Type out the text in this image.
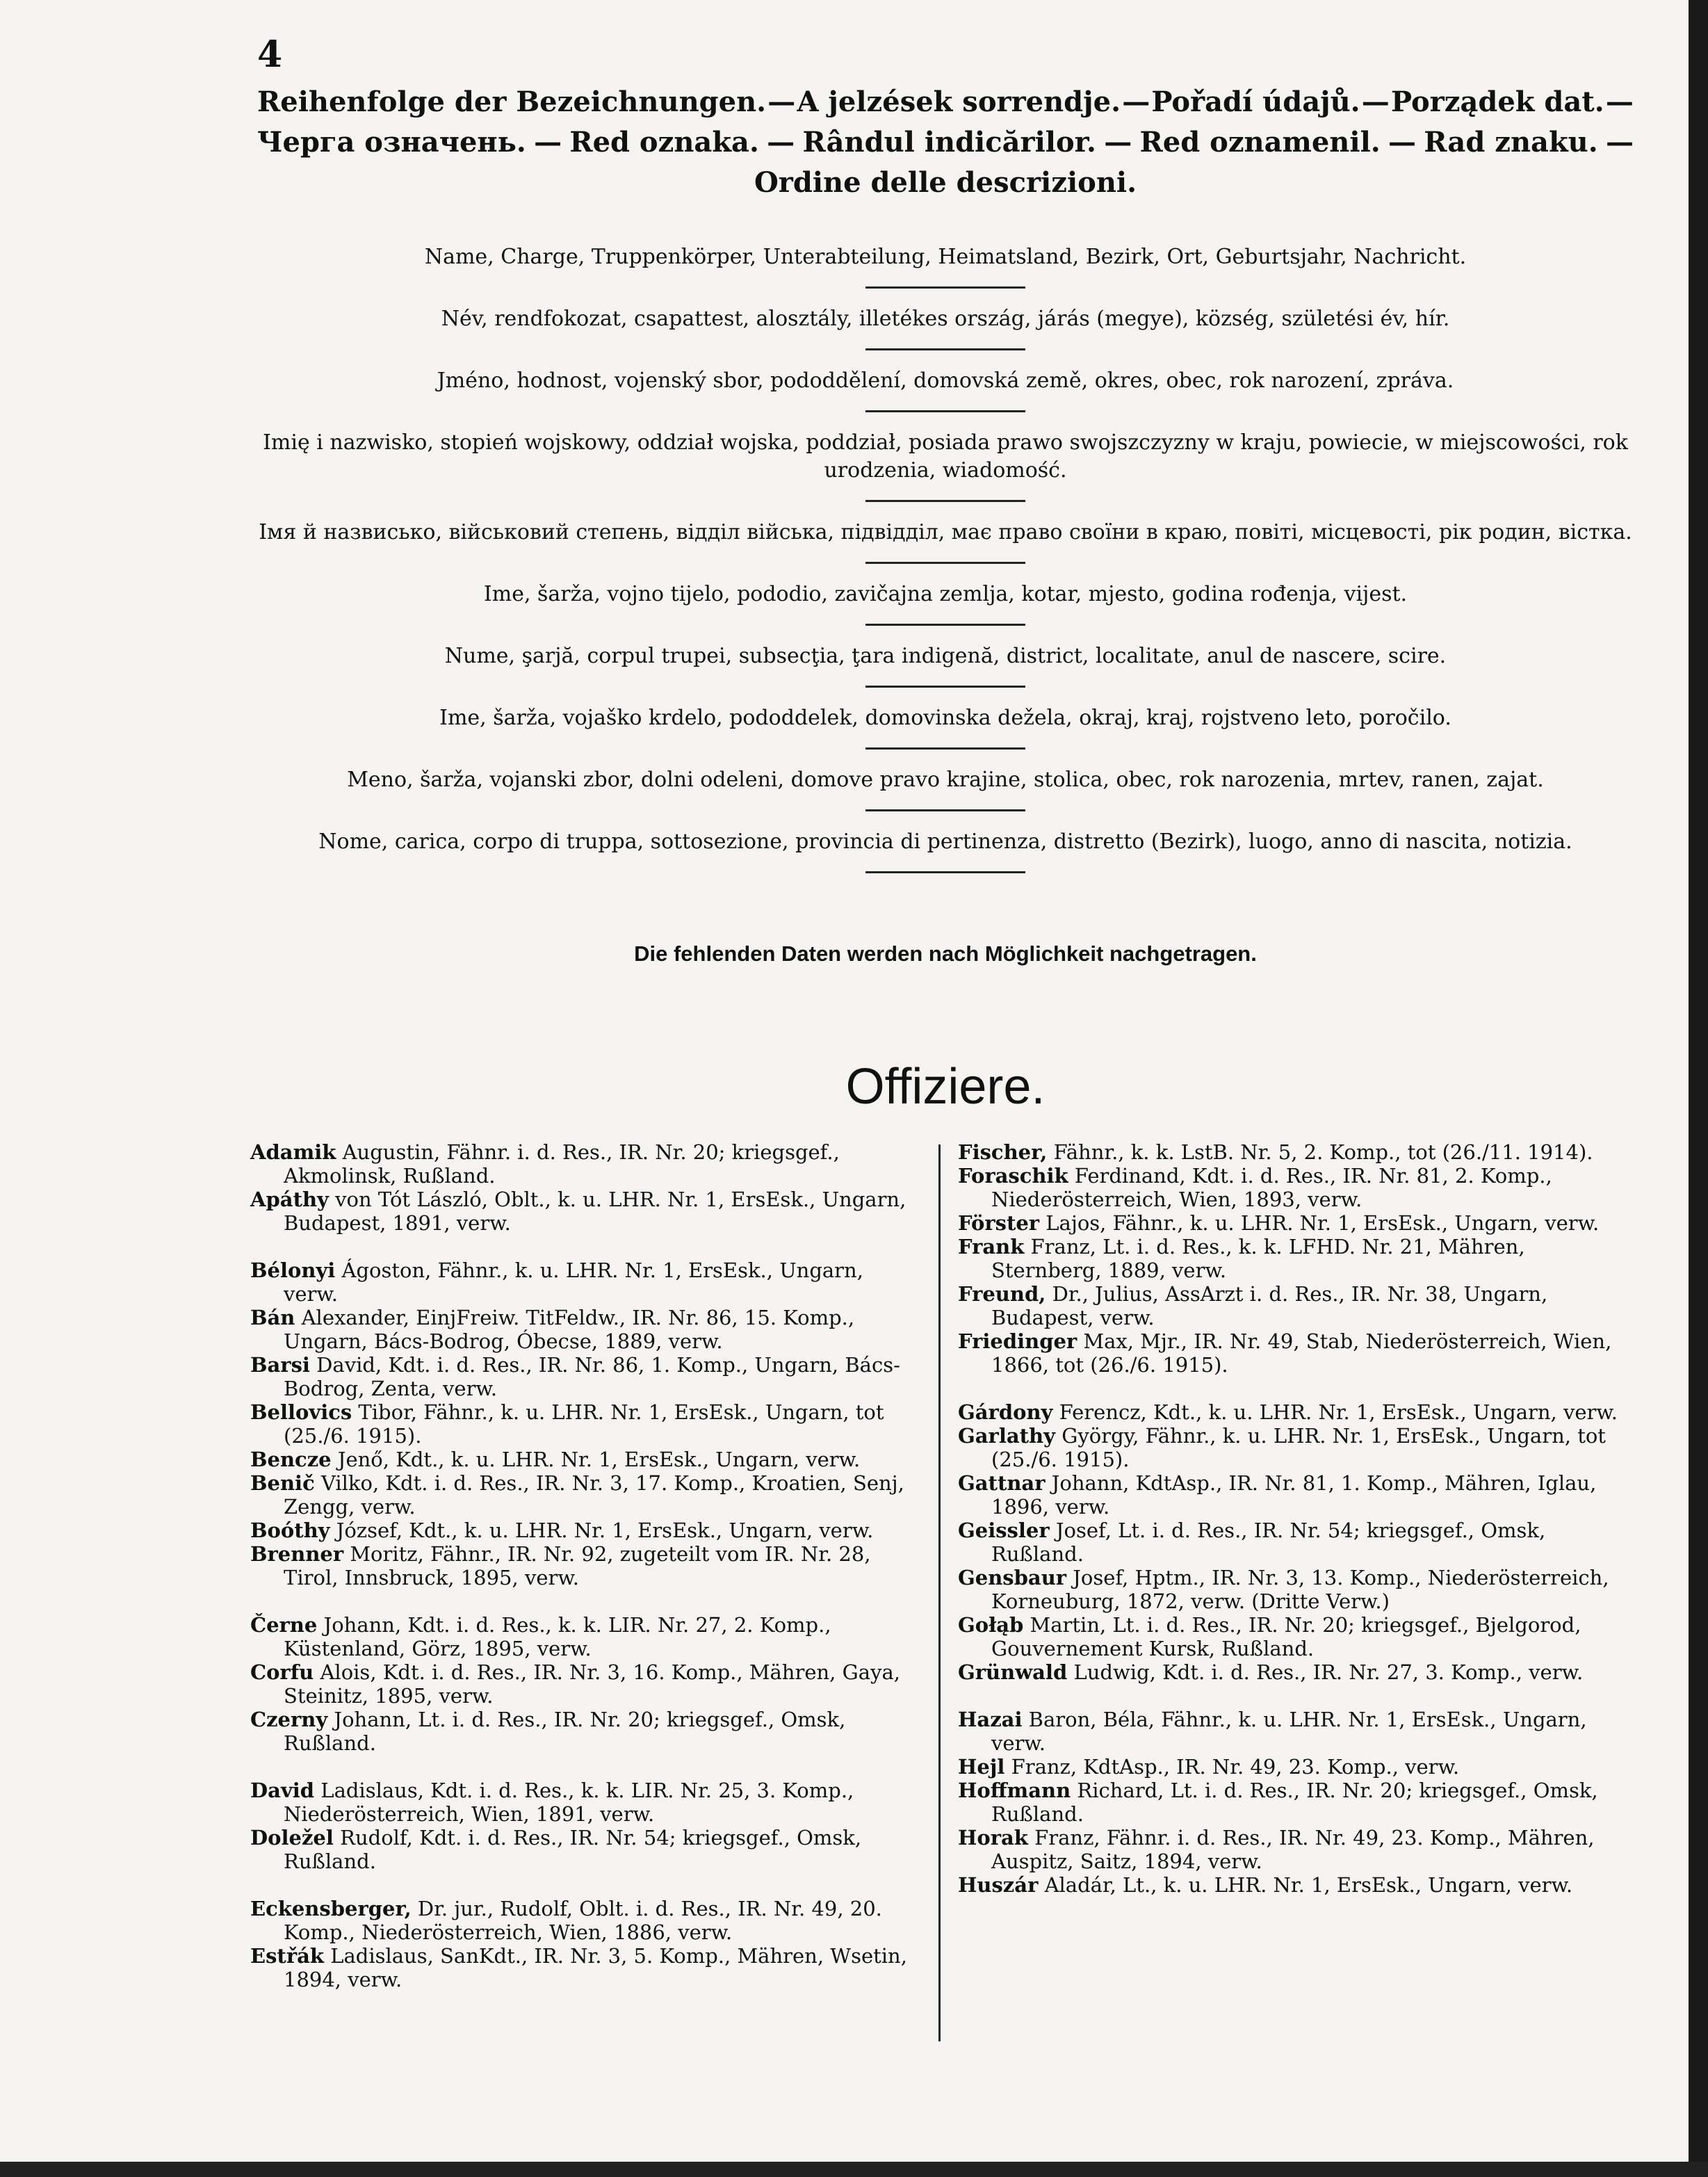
4
Reihenfolge der Bezeichnungen. — A jelzések sorrendje. — Pořadí údajů. — Porządek dat. —
Черга означень. — Red oznaka. — Rândul indicărilor. — Red oznamenil. — Rad znaku. —
Ordine delle descrizioni.

Name, Charge, Truppenkörper, Unterabteilung, Heimatsland, Bezirk, Ort, Geburtsjahr, Nachricht.

Név, rendfokozat, csapattest, alosztály, illetékes ország, járás (megye), község, születési év, hír.

Jméno, hodnost, vojenský sbor, pododdělení, domovská země, okres, obec, rok narození, zpráva.

Imię i nazwisko, stopień wojskowy, oddział wojska, poddział, posiada prawo swojszczyzny w kraju, powiecie, w miejscowości, rok urodzenia, wiadomość.

Імя й назвисько, військовий степень, відділ війська, підвідділ, має право своїни в краю, повіті, місцевості, рік родин, вістка.

Ime, šarža, vojno tijelo, pododio, zavičajna zemlja, kotar, mjesto, godina rođenja, vijest.

Nume, şarjă, corpul trupei, subsecţia, ţara indigenă, district, localitate, anul de nascere, scire.

Ime, šarža, vojaško krdelo, pododdelek, domovinska dežela, okraj, kraj, rojstveno leto, poročilo.

Meno, šarža, vojanski zbor, dolni odeleni, domove pravo krajine, stolica, obec, rok narozenia, mrtev, ranen, zajat.

Nome, carica, corpo di truppa, sottosezione, provincia di pertinenza, distretto (Bezirk), luogo, anno di nascita, notizia.

Die fehlenden Daten werden nach Möglichkeit nachgetragen.
Offiziere.

Adamik Augustin, Fähnr. i. d. Res., IR. Nr. 20; kriegsgef., Akmolinsk, Rußland.

Apáthy von Tót László, Oblt., k. u. LHR. Nr. 1, ErsEsk., Ungarn, Budapest, 1891, verw.

Bélonyi Ágoston, Fähnr., k. u. LHR. Nr. 1, ErsEsk., Ungarn, verw.

Bán Alexander, EinjFreiw. TitFeldw., IR. Nr. 86, 15. Komp., Ungarn, Bács-Bodrog, Óbecse, 1889, verw.

Barsi David, Kdt. i. d. Res., IR. Nr. 86, 1. Komp., Ungarn, Bács-Bodrog, Zenta, verw.

Bellovics Tibor, Fähnr., k. u. LHR. Nr. 1, ErsEsk., Ungarn, tot (25./6. 1915).

Bencze Jenő, Kdt., k. u. LHR. Nr. 1, ErsEsk., Ungarn, verw.

Benič Vilko, Kdt. i. d. Res., IR. Nr. 3, 17. Komp., Kroatien, Senj, Zengg, verw.

Boóthy József, Kdt., k. u. LHR. Nr. 1, ErsEsk., Ungarn, verw.

Brenner Moritz, Fähnr., IR. Nr. 92, zugeteilt vom IR. Nr. 28, Tirol, Innsbruck, 1895, verw.

Černe Johann, Kdt. i. d. Res., k. k. LIR. Nr. 27, 2. Komp., Küstenland, Görz, 1895, verw.

Corfu Alois, Kdt. i. d. Res., IR. Nr. 3, 16. Komp., Mähren, Gaya, Steinitz, 1895, verw.

Czerny Johann, Lt. i. d. Res., IR. Nr. 20; kriegsgef., Omsk, Rußland.

David Ladislaus, Kdt. i. d. Res., k. k. LIR. Nr. 25, 3. Komp., Niederösterreich, Wien, 1891, verw.

Doležel Rudolf, Kdt. i. d. Res., IR. Nr. 54; kriegsgef., Omsk, Rußland.

Eckensberger, Dr. jur., Rudolf, Oblt. i. d. Res., IR. Nr. 49, 20. Komp., Niederösterreich, Wien, 1886, verw.

Estřák Ladislaus, SanKdt., IR. Nr. 3, 5. Komp., Mähren, Wsetin, 1894, verw.

Fischer, Fähnr., k. k. LstB. Nr. 5, 2. Komp., tot (26./11. 1914).

Foraschik Ferdinand, Kdt. i. d. Res., IR. Nr. 81, 2. Komp., Niederösterreich, Wien, 1893, verw.

Förster Lajos, Fähnr., k. u. LHR. Nr. 1, ErsEsk., Ungarn, verw.

Frank Franz, Lt. i. d. Res., k. k. LFHD. Nr. 21, Mähren, Sternberg, 1889, verw.

Freund, Dr., Julius, AssArzt i. d. Res., IR. Nr. 38, Ungarn, Budapest, verw.

Friedinger Max, Mjr., IR. Nr. 49, Stab, Niederösterreich, Wien, 1866, tot (26./6. 1915).

Gárdony Ferencz, Kdt., k. u. LHR. Nr. 1, ErsEsk., Ungarn, verw.

Garlathy György, Fähnr., k. u. LHR. Nr. 1, ErsEsk., Ungarn, tot (25./6. 1915).

Gattnar Johann, KdtAsp., IR. Nr. 81, 1. Komp., Mähren, Iglau, 1896, verw.

Geissler Josef, Lt. i. d. Res., IR. Nr. 54; kriegsgef., Omsk, Rußland.

Gensbaur Josef, Hptm., IR. Nr. 3, 13. Komp., Niederösterreich, Korneuburg, 1872, verw. (Dritte Verw.)

Gołąb Martin, Lt. i. d. Res., IR. Nr. 20; kriegsgef., Bjelgorod, Gouvernement Kursk, Rußland.

Grünwald Ludwig, Kdt. i. d. Res., IR. Nr. 27, 3. Komp., verw.

Hazai Baron, Béla, Fähnr., k. u. LHR. Nr. 1, ErsEsk., Ungarn, verw.

Hejl Franz, KdtAsp., IR. Nr. 49, 23. Komp., verw.

Hoffmann Richard, Lt. i. d. Res., IR. Nr. 20; kriegsgef., Omsk, Rußland.

Horak Franz, Fähnr. i. d. Res., IR. Nr. 49, 23. Komp., Mähren, Auspitz, Saitz, 1894, verw.

Huszár Aladár, Lt., k. u. LHR. Nr. 1, ErsEsk., Ungarn, verw.
